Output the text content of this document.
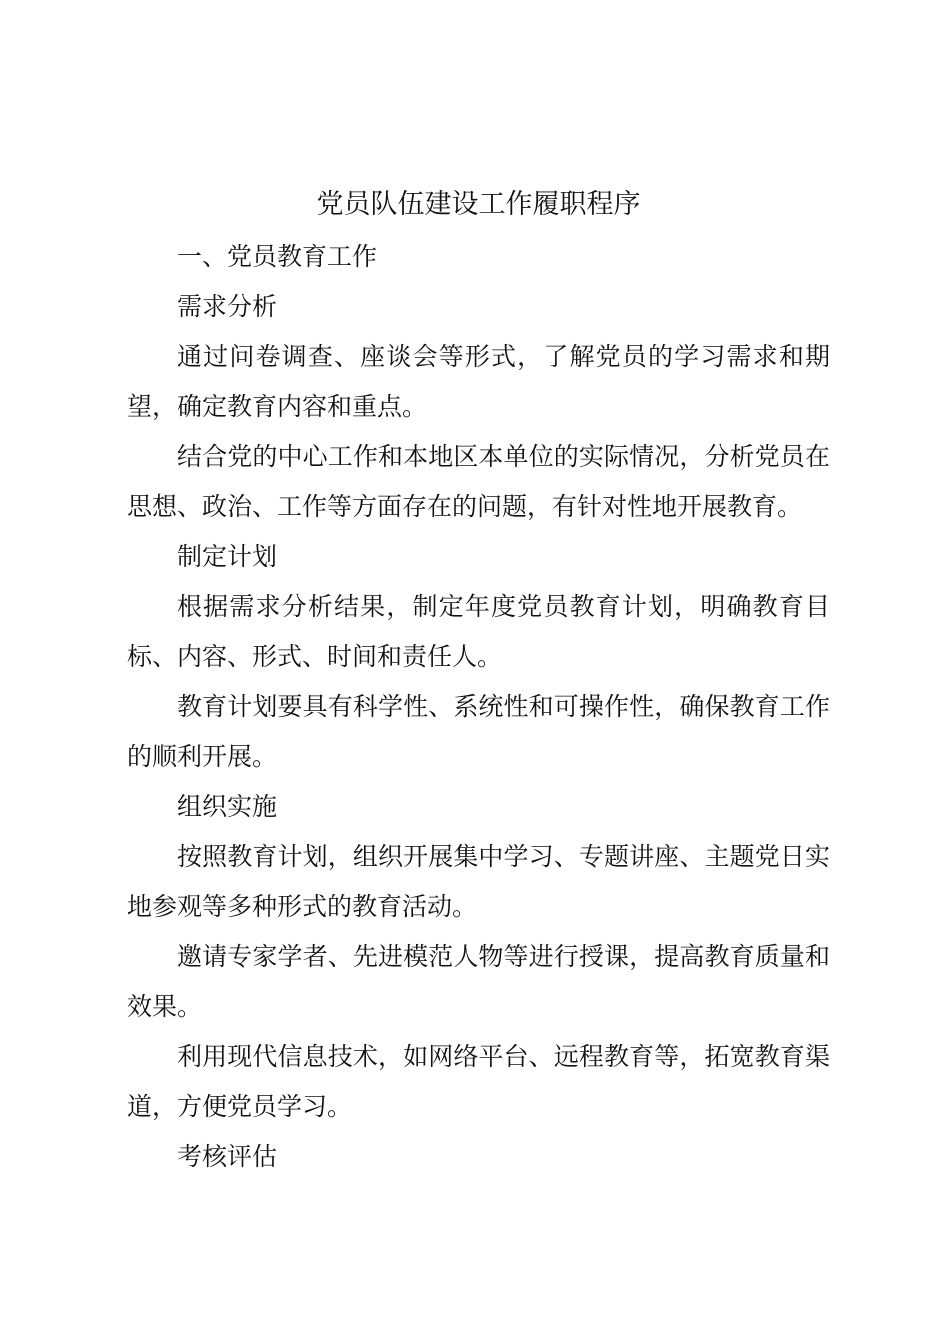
党员队伍建设工作履职程序

一、党员教育工作

需求分析

通过问卷调查、座谈会等形式，了解党员的学习需求和期望，确定教育内容和重点。

结合党的中心工作和本地区本单位的实际情况，分析党员在思想、政治、工作等方面存在的问题，有针对性地开展教育。

制定计划

根据需求分析结果，制定年度党员教育计划，明确教育目标、内容、形式、时间和责任人。

教育计划要具有科学性、系统性和可操作性，确保教育工作的顺利开展。

组织实施

按照教育计划，组织开展集中学习、专题讲座、主题党日实地参观等多种形式的教育活动。

邀请专家学者、先进模范人物等进行授课，提高教育质量和效果。

利用现代信息技术，如网络平台、远程教育等，拓宽教育渠道，方便党员学习。

考核评估
